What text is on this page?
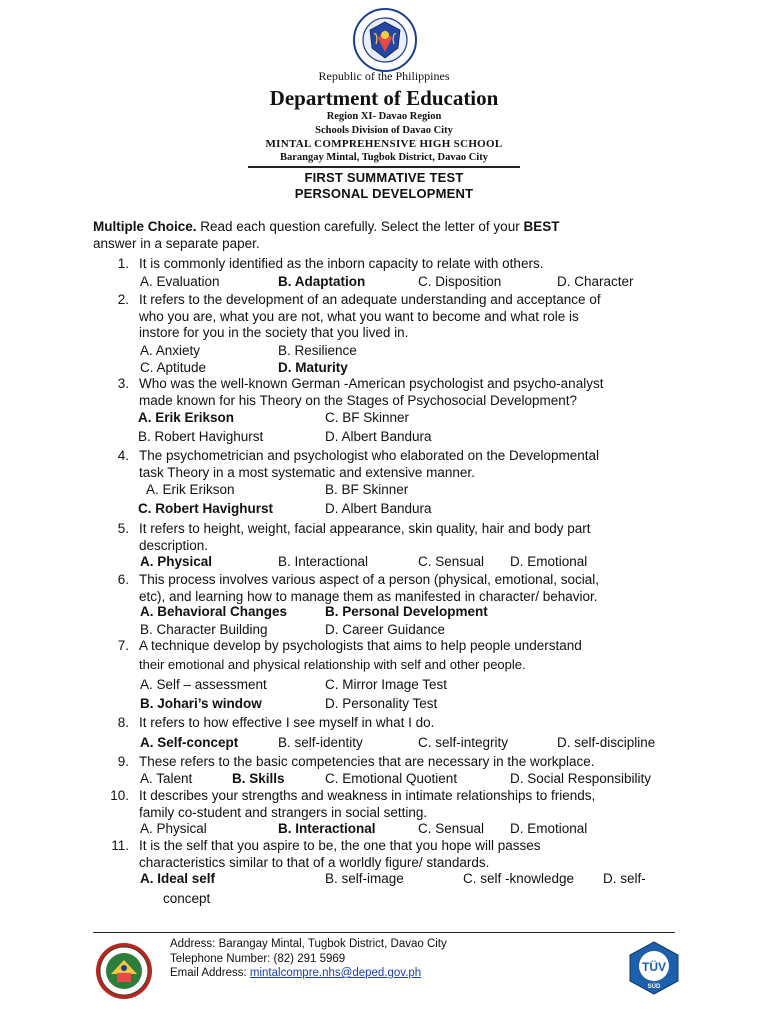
Republic of the Philippines
Department of Education
Region XI- Davao Region
Schools Division of Davao City
MINTAL COMPREHENSIVE HIGH SCHOOL
Barangay Mintal, Tugbok District, Davao City
FIRST SUMMATIVE TEST
PERSONAL DEVELOPMENT
Multiple Choice. Read each question carefully. Select the letter of your BEST
answer in a separate paper.
1. It is commonly identified as the inborn capacity to relate with others.
A. Evaluation	B. Adaptation	C. Disposition	D. Character
2. It refers to the development of an adequate understanding and acceptance of
who you are, what you are not, what you want to become and what role is
instore for you in the society that you lived in.
A. Anxiety	B. Resilience
C. Aptitude	D. Maturity
3. Who was the well-known German -American psychologist and psycho-analyst
made known for his Theory on the Stages of Psychosocial Development?
A. Erik Erikson	C. BF Skinner
B. Robert Havighurst	D. Albert Bandura
4. The psychometrician and psychologist who elaborated on the Developmental
task Theory in a most systematic and extensive manner.
A. Erik Erikson	B. BF Skinner
C. Robert Havighurst	D. Albert Bandura
5. It refers to height, weight, facial appearance, skin quality, hair and body part
description.
A. Physical	B. Interactional	C. Sensual D. Emotional
6. This process involves various aspect of a person (physical, emotional, social,
etc), and learning how to manage them as manifested in character/ behavior.
A. Behavioral Changes	B. Personal Development
B. Character Building	D. Career Guidance
7. A technique develop by psychologists that aims to help people understand
their emotional and physical relationship with self and other people.
A. Self – assessment	C. Mirror Image Test
B. Johari’s window	D. Personality Test
8. It refers to how effective I see myself in what I do.
A. Self-concept	B. self-identity	C. self-integrity	D. self-discipline
9. These refers to the basic competencies that are necessary in the workplace.
A. Talent	B. Skills	C. Emotional Quotient	D. Social Responsibility
10. It describes your strengths and weakness in intimate relationships to friends,
family co-student and strangers in social setting.
A. Physical	B. Interactional	C. Sensual D. Emotional
11. It is the self that you aspire to be, the one that you hope will passes
characteristics similar to that of a worldly figure/ standards.
A. Ideal self	B. self-image	C. self -knowledge D. self-
concept
Address: Barangay Mintal, Tugbok District, Davao City
Telephone Number: (82) 291 5969
Email Address: mintalcompre.nhs@deped.gov.ph	TÜV
SÜD
